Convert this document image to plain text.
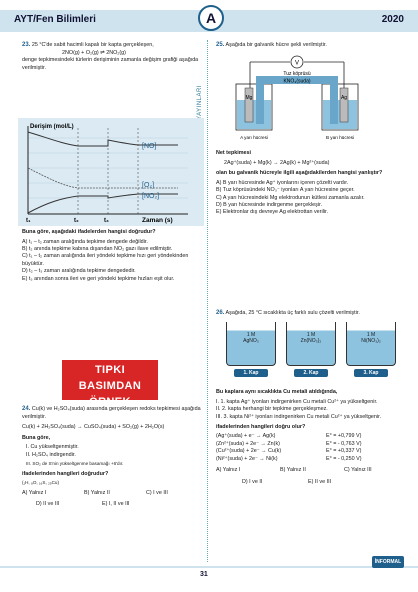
AYT/Fen Bilimleri	A	2020
23. 25 °C'de sabit hacimli kapalı bir kapta gerçekleşen,
2NO(g) + O₂(g) ⇌ 2NO₂(g)
denge tepkimesindeki türlerin derişiminin zamanla değişim grafiği aşağıda verilmiştir.
Derişim (mol/L)
[NO]
[O₂]
[NO₂]
t₁	t₂	t₃	Zaman (s)
Buna göre, aşağıdaki ifadelerden hangisi doğrudur?
A) t₁ – t₂ zaman aralığında tepkime dengede değildir.
B) t₂ anında tepkime kabına dışarıdan NO₂ gazı ilave edilmiştir.
C) t₁ – t₂ zaman aralığında ileri yöndeki tepkime hızı geri yöndekinden büyüktür.
D) t₂ – t₃ zaman aralığında tepkime dengededir.
E) t₃ anından sonra ileri ve geri yöndeki tepkime hızları eşit olur.
TIPKI BASIMDAN
ÖRNEK SAYFADIR
24. Cu(k) ve H₂SO₄(suda) arasında gerçekleşen redoks tepkimesi aşağıda verilmiştir.
Cu(k) + 2H₂SO₄(suda) → CuSO₄(suda) + SO₂(g) + 2H₂O(s)
Buna göre,
I. Cu yükseltgenmiştir.
II. H₂SO₄ indirgendir.
III. SO₂ de S'nin yükseltgenme basamağı +6'dır.
ifadelerinden hangileri doğrudur?
(₁H, ₈O, ₁₆S, ₂₉Cu)
A) Yalnız I	B) Yalnız II	C) I ve III
D) II ve III	E) I, II ve III
25. Aşağıda bir galvanik hücre şekli verilmiştir.
V
Mg	Ag
Tuz köprüsü
KNO₃(suda)
A yarı hücresi	B yarı hücresi
Net tepkimesi
2Ag⁺(suda) + Mg(k) → 2Ag(k) + Mg²⁺(suda)
olan bu galvanik hücreyle ilgili aşağıdakilerden hangisi yanlıştır?
A) B yarı hücresinde Ag⁺ iyonlarını içeren çözelti vardır.
B) Tuz köprüsündeki NO₃⁻ iyonları A yarı hücresine geçer.
C) A yarı hücresindeki Mg elektrodunun kütlesi zamanla azalır.
D) B yarı hücresinde indirgenme gerçekleşir.
E) Elektronlar dış devreye Ag elektrottan verilir.
26. Aşağıda, 25 °C sıcaklıkta üç farklı sulu çözelti verilmiştir.
1 M
AgNO₃
1. Kap
1 M
Zn(NO₃)₂
2. Kap
1 M
Ni(NO₃)₂
3. Kap
Bu kaplara aynı sıcaklıkta Cu metali atıldığında,
I. 1. kapta Ag⁺ iyonları indirgenirken Cu metali Cu²⁺ ya yükseltgenir.
II. 2. kapta herhangi bir tepkime gerçekleşmez.
III. 3. kapta Ni²⁺ iyonları indirgenirken Cu metali Cu²⁺ ya yükseltgenir.
ifadelerinden hangileri doğru olur?
(Ag⁺(suda) + e⁻ → Ag(k)	E° = +0,799 V)
(Zn²⁺(suda) + 2e⁻ → Zn(k)	E° = - 0,763 V)
(Cu²⁺(suda) + 2e⁻ → Cu(k)	E° = +0,337 V)
(Ni²⁺(suda) + 2e⁻ → Ni(k)	E° = - 0,250 V)
A) Yalnız I	B) Yalnız II	C) Yalnız III
D) I ve II	E) II ve III
31
İNFORMAL
